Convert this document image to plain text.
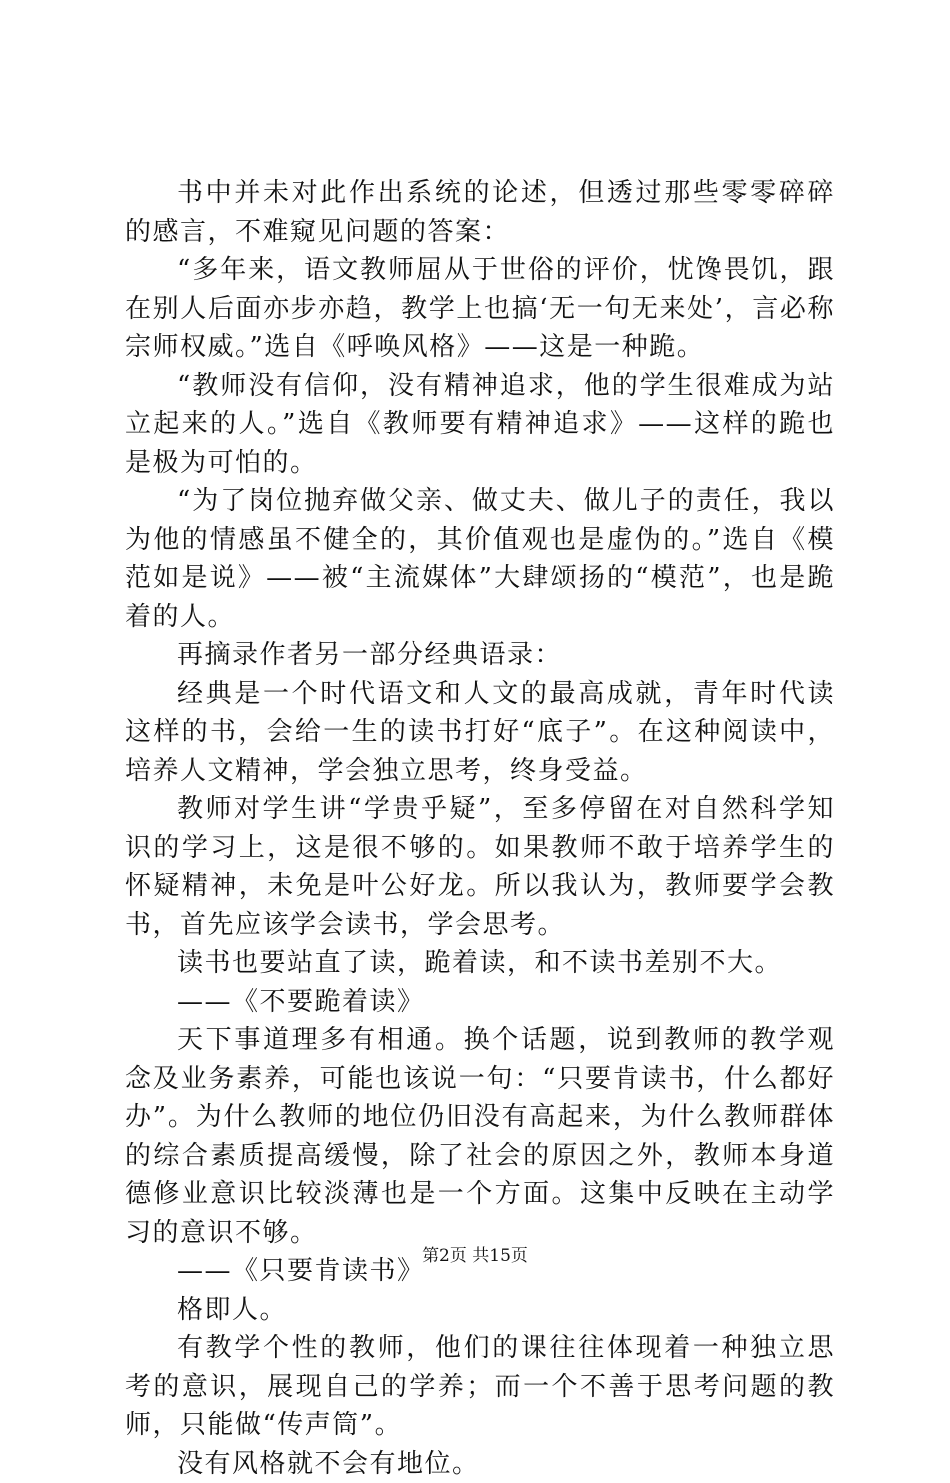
书中并未对此作出系统的论述，但透过那些零零碎碎的感言，不难窥见问题的答案：

“多年来，语文教师屈从于世俗的评价，忧馋畏饥，跟在别人后面亦步亦趋，教学上也搞‘无一句无来处’，言必称宗师权威。”选自《呼唤风格》——这是一种跪。

“教师没有信仰，没有精神追求，他的学生很难成为站立起来的人。”选自《教师要有精神追求》——这样的跪也是极为可怕的。

“为了岗位抛弃做父亲、做丈夫、做儿子的责任，我以为他的情感虽不健全的，其价值观也是虚伪的。”选自《模范如是说》——被“主流媒体”大肆颂扬的“模范”，也是跪着的人。

再摘录作者另一部分经典语录：

经典是一个时代语文和人文的最高成就，青年时代读这样的书，会给一生的读书打好“底子”。在这种阅读中，培养人文精神，学会独立思考，终身受益。

教师对学生讲“学贵乎疑”，至多停留在对自然科学知识的学习上，这是很不够的。如果教师不敢于培养学生的怀疑精神，未免是叶公好龙。所以我认为，教师要学会教书，首先应该学会读书，学会思考。

读书也要站直了读，跪着读，和不读书差别不大。

——《不要跪着读》

天下事道理多有相通。换个话题，说到教师的教学观念及业务素养，可能也该说一句：“只要肯读书，什么都好办”。为什么教师的地位仍旧没有高起来，为什么教师群体的综合素质提高缓慢，除了社会的原因之外，教师本身道德修业意识比较淡薄也是一个方面。这集中反映在主动学习的意识不够。

——《只要肯读书》

格即人。

有教学个性的教师，他们的课往往体现着一种独立思考的意识，展现自己的学养；而一个不善于思考问题的教师，只能做“传声筒”。

没有风格就不会有地位。

第2页 共15页
